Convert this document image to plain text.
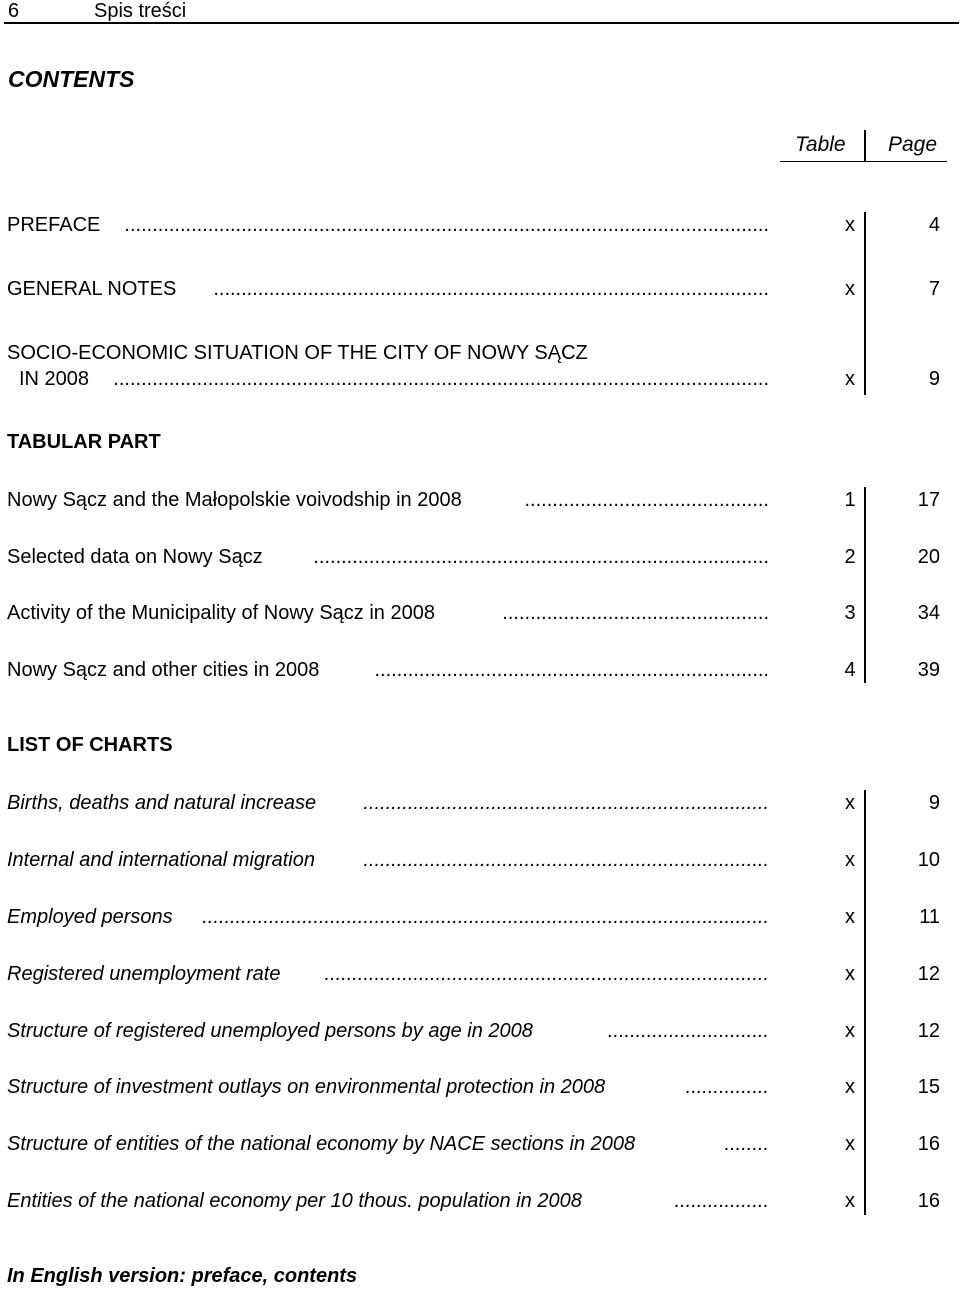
6	Spis treści
CONTENTS
Table Page
PREFACE ....................................................................................................................	x	4
GENERAL NOTES ....................................................................................................	x	7
SOCIO-ECONOMIC SITUATION OF THE CITY OF NOWY SĄCZ
IN 2008 ......................................................................................................................	x	9
TABULAR PART
Nowy Sącz and the Małopolskie voivodship in 2008	............................................	1	17
Selected data on Nowy Sącz	..................................................................................	2	20
Activity of the Municipality of Nowy Sącz in 2008	................................................	3	34
Nowy Sącz and other cities in 2008	.......................................................................	4	39
LIST OF CHARTS
Births, deaths and natural increase .........................................................................	x	9
Internal and international migration .........................................................................	x	10
Employed persons ......................................................................................................	x	11
Registered unemployment rate ................................................................................	x	12
Structure of registered unemployed persons by age in 2008	.............................	x	12
Structure of investment outlays on environmental protection in 2008	...............	x	15
Structure of entities of the national economy by NACE sections in 2008	........	x	16
Entities of the national economy per 10 thous. population in 2008	.................	x	16
In English version: preface, contents
